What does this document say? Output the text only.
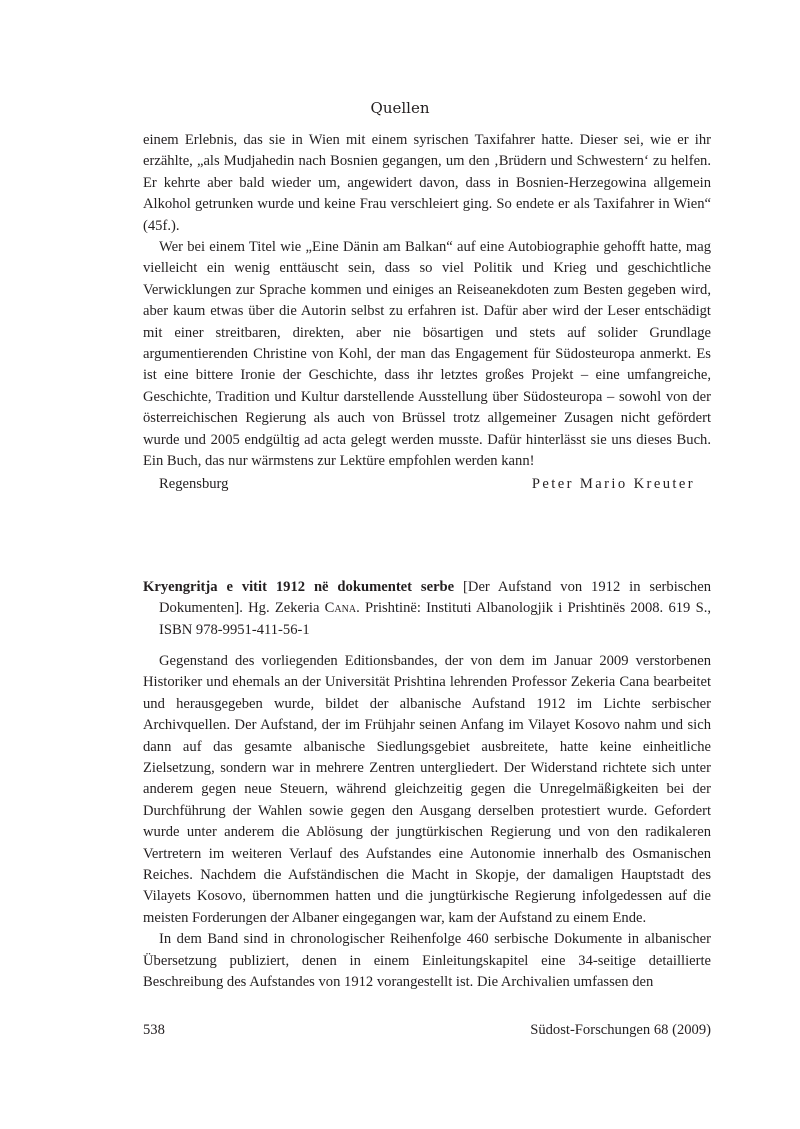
Quellen

einem Erlebnis, das sie in Wien mit einem syrischen Taxifahrer hatte. Dieser sei, wie er ihr erzählte, „als Mudjahedin nach Bosnien gegangen, um den ‚Brüdern und Schwestern‘ zu helfen. Er kehrte aber bald wieder um, angewidert davon, dass in Bosnien-Herzegowina allgemein Alkohol getrunken wurde und keine Frau verschleiert ging. So endete er als Taxifahrer in Wien“ (45f.).

Wer bei einem Titel wie „Eine Dänin am Balkan“ auf eine Autobiographie gehofft hatte, mag vielleicht ein wenig enttäuscht sein, dass so viel Politik und Krieg und geschichtliche Verwicklungen zur Sprache kommen und einiges an Reiseanekdoten zum Besten gegeben wird, aber kaum etwas über die Autorin selbst zu erfahren ist. Dafür aber wird der Leser entschädigt mit einer streitbaren, direkten, aber nie bösartigen und stets auf solider Grundlage argumentierenden Christine von Kohl, der man das Engagement für Südosteuropa anmerkt. Es ist eine bittere Ironie der Geschichte, dass ihr letztes großes Projekt – eine umfangreiche, Geschichte, Tradition und Kultur darstellende Ausstellung über Südosteuropa – sowohl von der österreichischen Regierung als auch von Brüssel trotz allgemeiner Zusagen nicht gefördert wurde und 2005 endgültig ad acta gelegt werden musste. Dafür hinterlässt sie uns dieses Buch. Ein Buch, das nur wärmstens zur Lektüre empfohlen werden kann!

Regensburg	Peter Mario Kreuter
Kryengritja e vitit 1912 në dokumentet serbe [Der Aufstand von 1912 in serbischen Dokumenten]. Hg. Zekeria Cana. Prishtinë: Instituti Albanologjik i Prishtinës 2008. 619 S., ISBN 978-9951-411-56-1

Gegenstand des vorliegenden Editionsbandes, der von dem im Januar 2009 verstorbenen Historiker und ehemals an der Universität Prishtina lehrenden Professor Zekeria Cana bearbeitet und herausgegeben wurde, bildet der albanische Aufstand 1912 im Lichte serbischer Archivquellen. Der Aufstand, der im Frühjahr seinen Anfang im Vilayet Kosovo nahm und sich dann auf das gesamte albanische Siedlungsgebiet ausbreitete, hatte keine einheitliche Zielsetzung, sondern war in mehrere Zentren untergliedert. Der Widerstand richtete sich unter anderem gegen neue Steuern, während gleichzeitig gegen die Unregelmäßigkeiten bei der Durchführung der Wahlen sowie gegen den Ausgang derselben protestiert wurde. Gefordert wurde unter anderem die Ablösung der jungtürkischen Regierung und von den radikaleren Vertretern im weiteren Verlauf des Aufstandes eine Autonomie innerhalb des Osmanischen Reiches. Nachdem die Aufständischen die Macht in Skopje, der damaligen Hauptstadt des Vilayets Kosovo, übernommen hatten und die jungtürkische Regierung infolgedessen auf die meisten Forderungen der Albaner eingegangen war, kam der Aufstand zu einem Ende.

In dem Band sind in chronologischer Reihenfolge 460 serbische Dokumente in albanischer Übersetzung publiziert, denen in einem Einleitungskapitel eine 34-seitige detaillierte Beschreibung des Aufstandes von 1912 vorangestellt ist. Die Archivalien umfassen den

538	Südost-Forschungen 68 (2009)
